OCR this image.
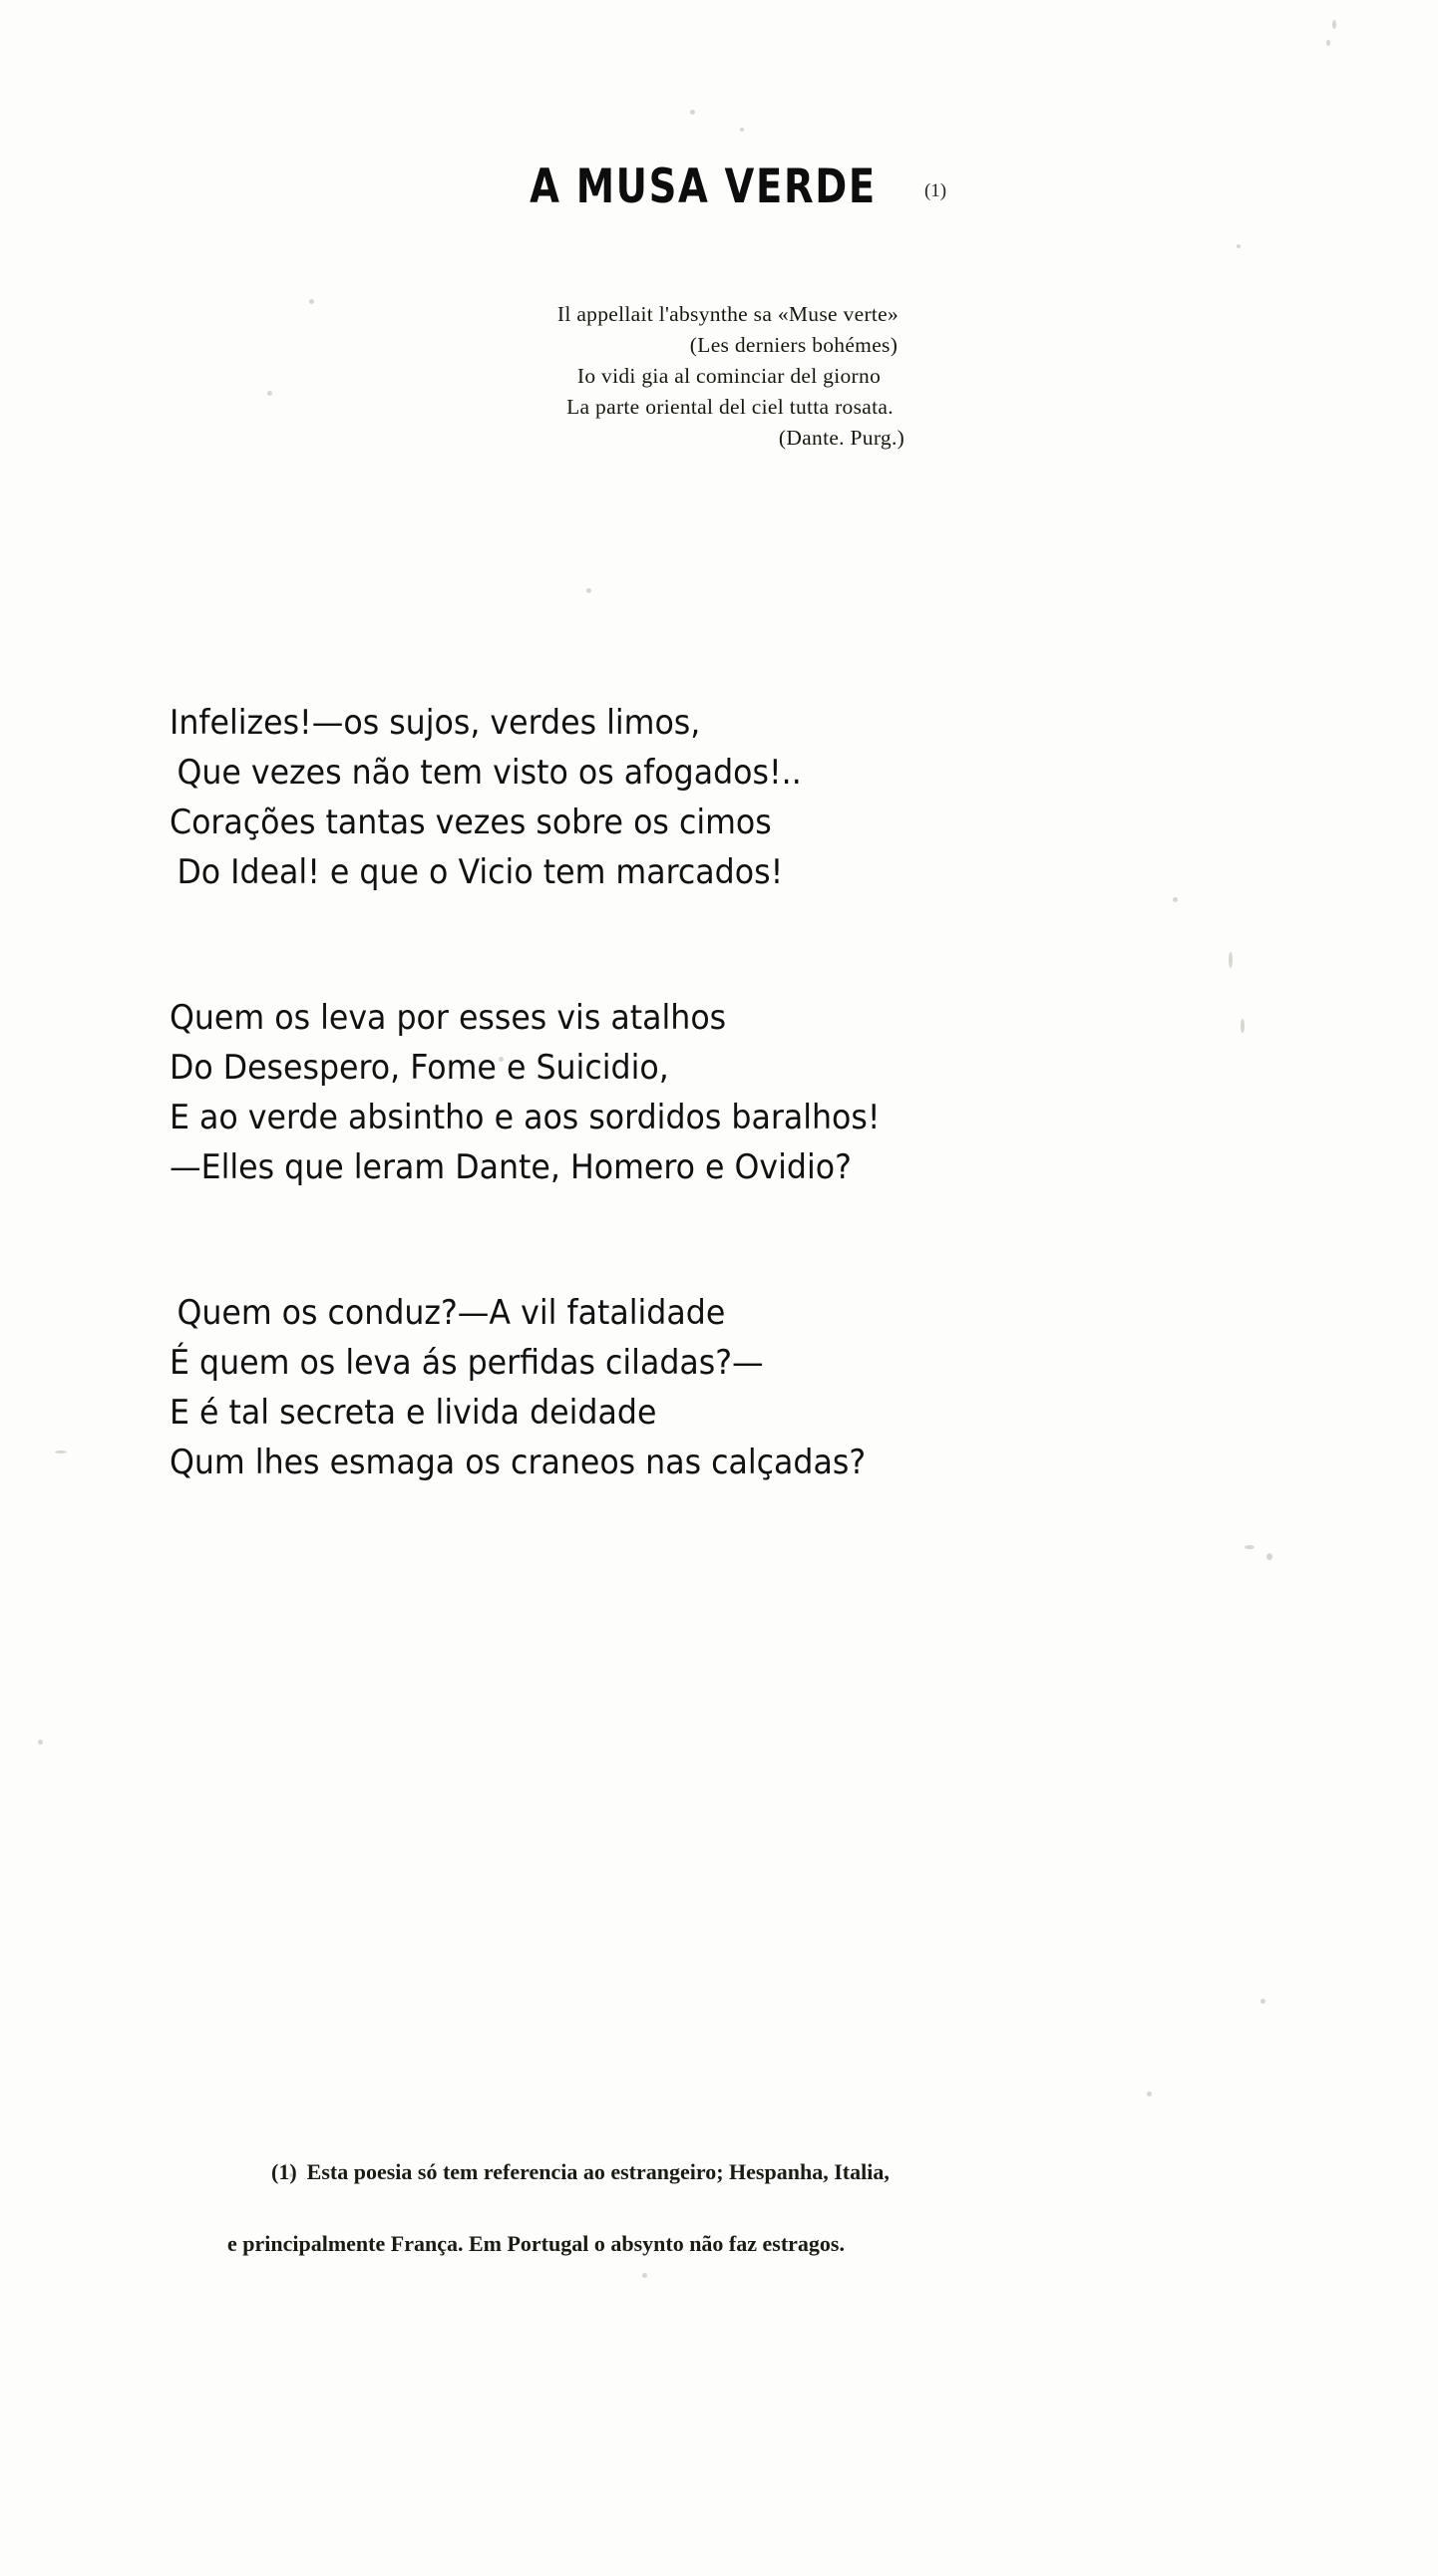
A MUSA VERDE	(1)
Il appellait l'absynthe sa «Muse verte»
(Les derniers bohémes)
Io vidi gia al cominciar del giorno
La parte oriental del ciel tutta rosata.
(Dante. Purg.)
Infelizes!—os sujos, verdes limos,
Que vezes não tem visto os afogados!..
Corações tantas vezes sobre os cimos
Do Ideal! e que o Vicio tem marcados!
Quem os leva por esses vis atalhos
Do Desespero, Fome e Suicidio,
E ao verde absintho e aos sordidos baralhos!
—Elles que leram Dante, Homero e Ovidio?
Quem os conduz?—A vil fatalidade
É quem os leva ás perfidas ciladas?—
E é tal secreta e livida deidade
Qum lhes esmaga os craneos nas calçadas?

(1) Esta poesia só tem referencia ao estrangeiro; Hespanha, Italia,

e principalmente França. Em Portugal o absynto não faz estragos.
